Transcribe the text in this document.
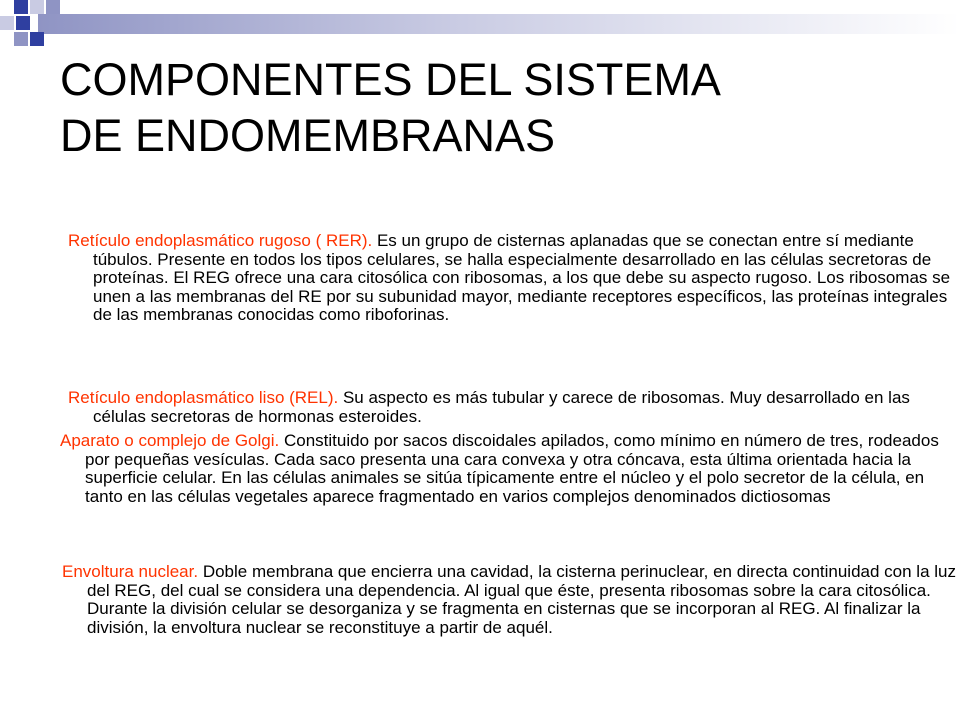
COMPONENTES DEL SISTEMA
DE ENDOMEMBRANAS
Retículo endoplasmático rugoso ( RER). Es un grupo de cisternas aplanadas que se conectan entre sí mediante túbulos. Presente en todos los tipos celulares, se halla especialmente desarrollado en las células secretoras de proteínas. El REG ofrece una cara citosólica con ribosomas, a los que debe su aspecto rugoso. Los ribosomas se unen a las membranas del RE por su subunidad mayor, mediante receptores específicos, las proteínas integrales de las membranas conocidas como riboforinas.
Retículo endoplasmático liso (REL). Su aspecto es más tubular y carece de ribosomas. Muy desarrollado en las células secretoras de hormonas esteroides.
Aparato o complejo de Golgi. Constituido por sacos discoidales apilados, como mínimo en número de tres, rodeados por pequeñas vesículas. Cada saco presenta una cara convexa y otra cóncava, esta última orientada hacia la superficie celular. En las células animales se sitúa típicamente entre el núcleo y el polo secretor de la célula, en tanto en las células vegetales aparece fragmentado en varios complejos denominados dictiosomas
Envoltura nuclear. Doble membrana que encierra una cavidad, la cisterna perinuclear, en directa continuidad con la luz del REG, del cual se considera una dependencia. Al igual que éste, presenta ribosomas sobre la cara citosólica. Durante la división celular se desorganiza y se fragmenta en cisternas que se incorporan al REG. Al finalizar la división, la envoltura nuclear se reconstituye a partir de aquél.
